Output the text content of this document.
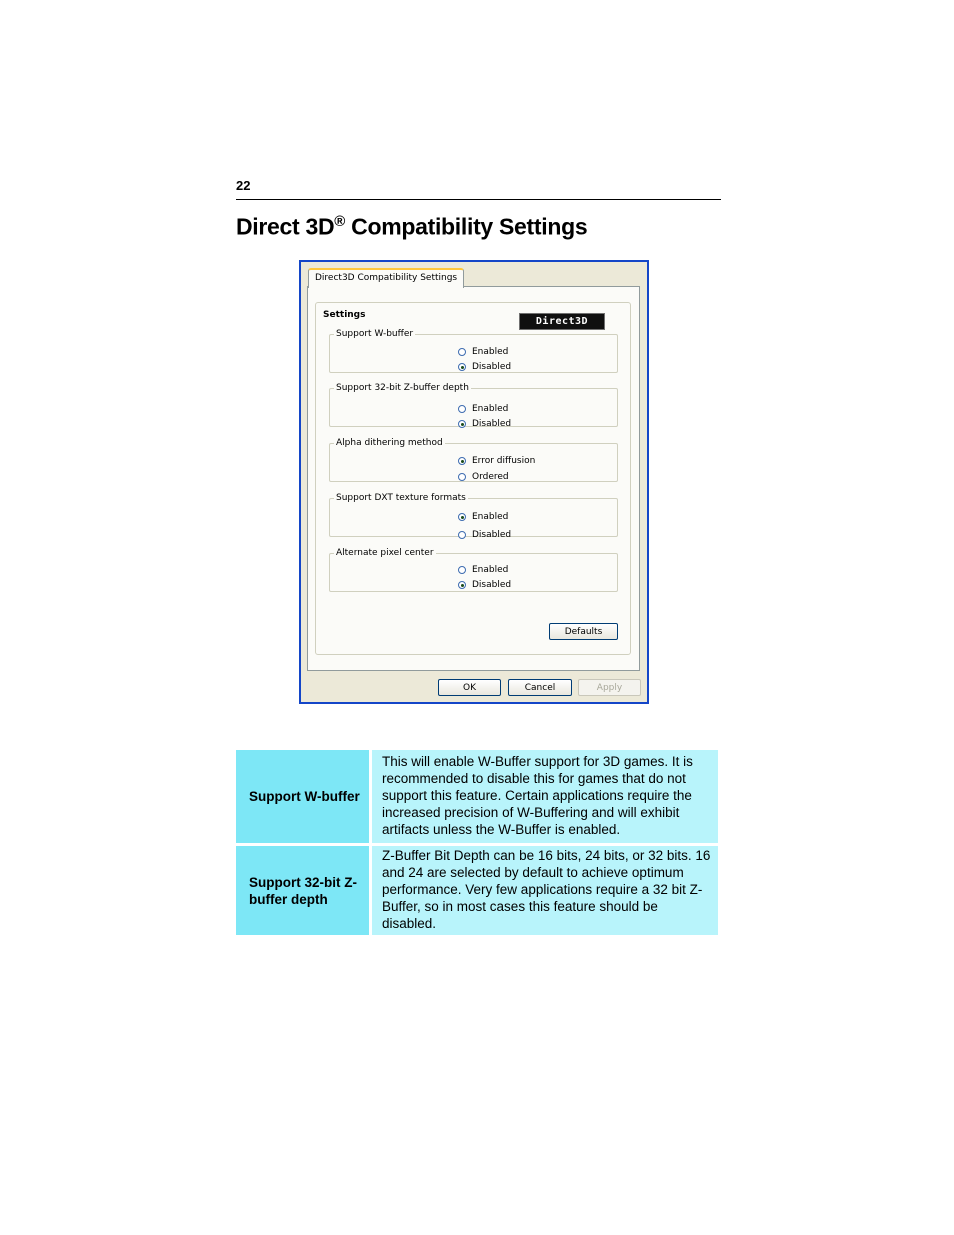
22
Direct 3D® Compatibility Settings
Direct3D Compatibility Settings
Settings
Direct3D
Support W-buffer
Enabled
Disabled
Support 32-bit Z-buffer depth
Enabled
Disabled
Alpha dithering method
Error diffusion
Ordered
Support DXT texture formats
Enabled
Disabled
Alternate pixel center
Enabled
Disabled
Defaults
OK	Cancel	Apply
Support W-buffer	This will enable W-Buffer support for 3D games. It is recommended to disable this for games that do not support this feature. Certain applications require the increased precision of W-Buffering and will exhibit artifacts unless the W-Buffer is enabled.
Support 32-bit Z-buffer depth	Z-Buffer Bit Depth can be 16 bits, 24 bits, or 32 bits. 16 and 24 are selected by default to achieve optimum performance. Very few applications require a 32 bit Z-Buffer, so in most cases this feature should be disabled.
